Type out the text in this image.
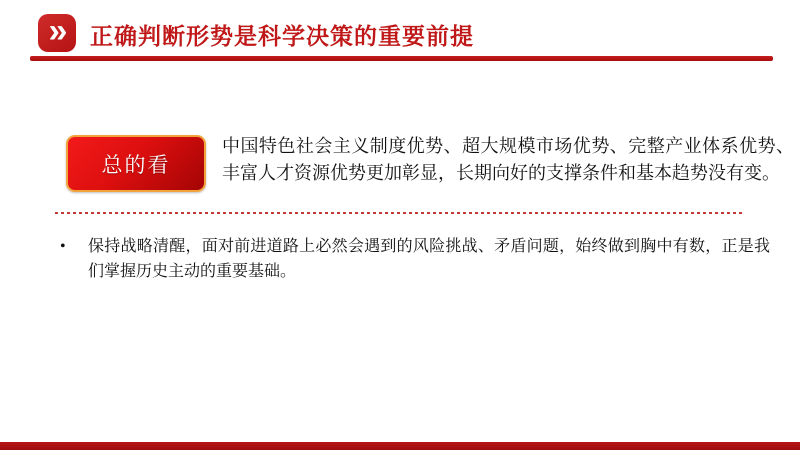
» 正确判断形势是科学决策的重要前提
总的看

中国特色社会主义制度优势、超大规模市场优势、完整产业体系优势、丰富人才资源优势更加彰显，长期向好的支撑条件和基本趋势没有变。

•	保持战略清醒，面对前进道路上必然会遇到的风险挑战、矛盾问题，始终做到胸中有数，正是我们掌握历史主动的重要基础。
